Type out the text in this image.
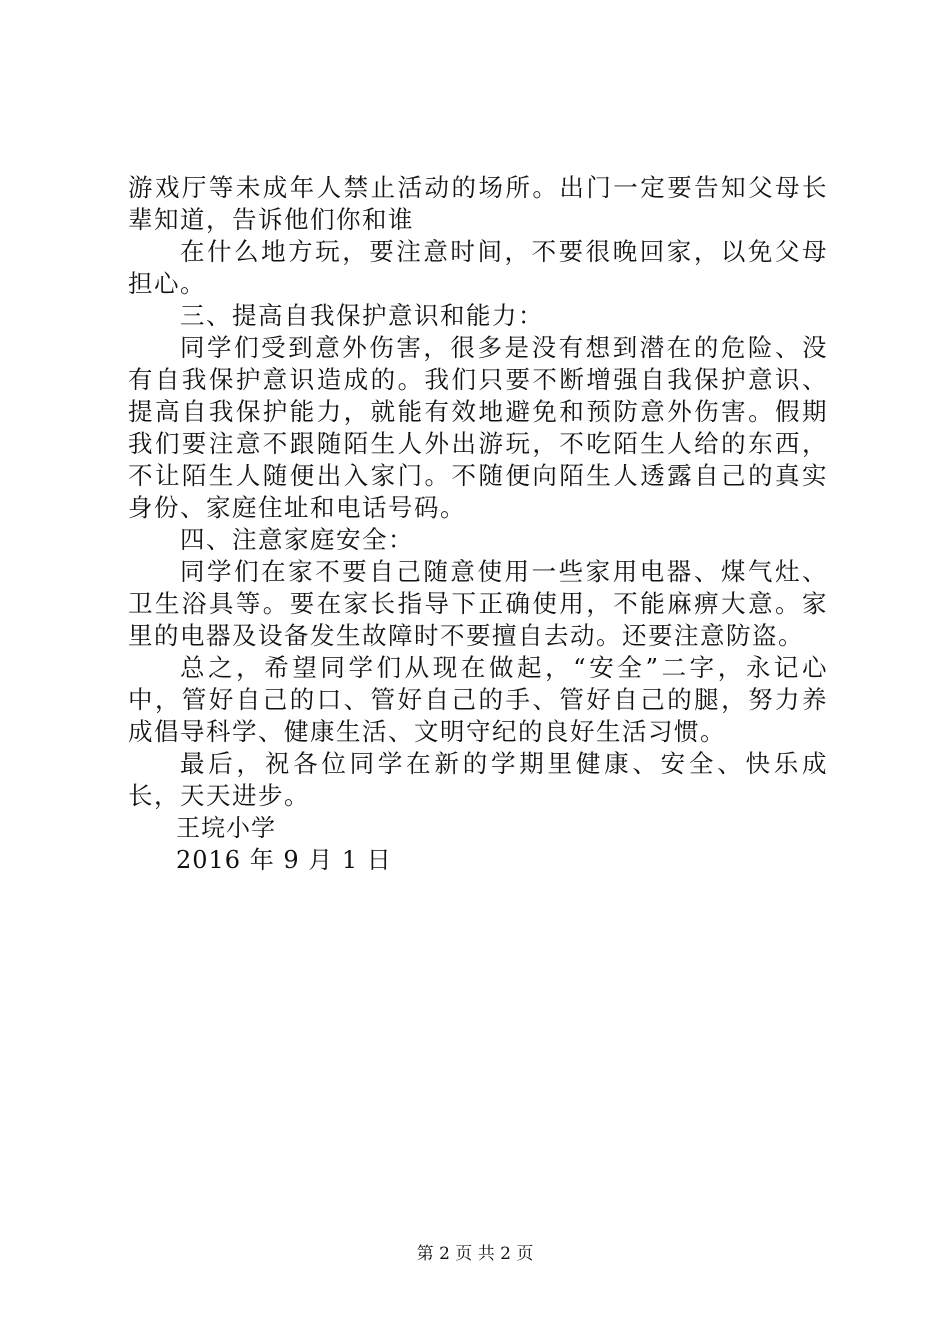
游戏厅等未成年人禁止活动的场所。出门一定要告知父母长辈知道，告诉他们你和谁

在什么地方玩，要注意时间，不要很晚回家，以免父母担心。

三、提高自我保护意识和能力：

同学们受到意外伤害，很多是没有想到潜在的危险、没有自我保护意识造成的。我们只要不断增强自我保护意识、提高自我保护能力，就能有效地避免和预防意外伤害。假期我们要注意不跟随陌生人外出游玩，不吃陌生人给的东西，不让陌生人随便出入家门。不随便向陌生人透露自己的真实身份、家庭住址和电话号码。

四、注意家庭安全：

同学们在家不要自己随意使用一些家用电器、煤气灶、卫生浴具等。要在家长指导下正确使用，不能麻痹大意。家里的电器及设备发生故障时不要擅自去动。还要注意防盗。

总之，希望同学们从现在做起，“安全”二字，永记心中，管好自己的口、管好自己的手、管好自己的腿，努力养成倡导科学、健康生活、文明守纪的良好生活习惯。

最后，祝各位同学在新的学期里健康、安全、快乐成长，天天进步。

王垸小学

2016 年 9 月 1 日

第 2 页 共 2 页
